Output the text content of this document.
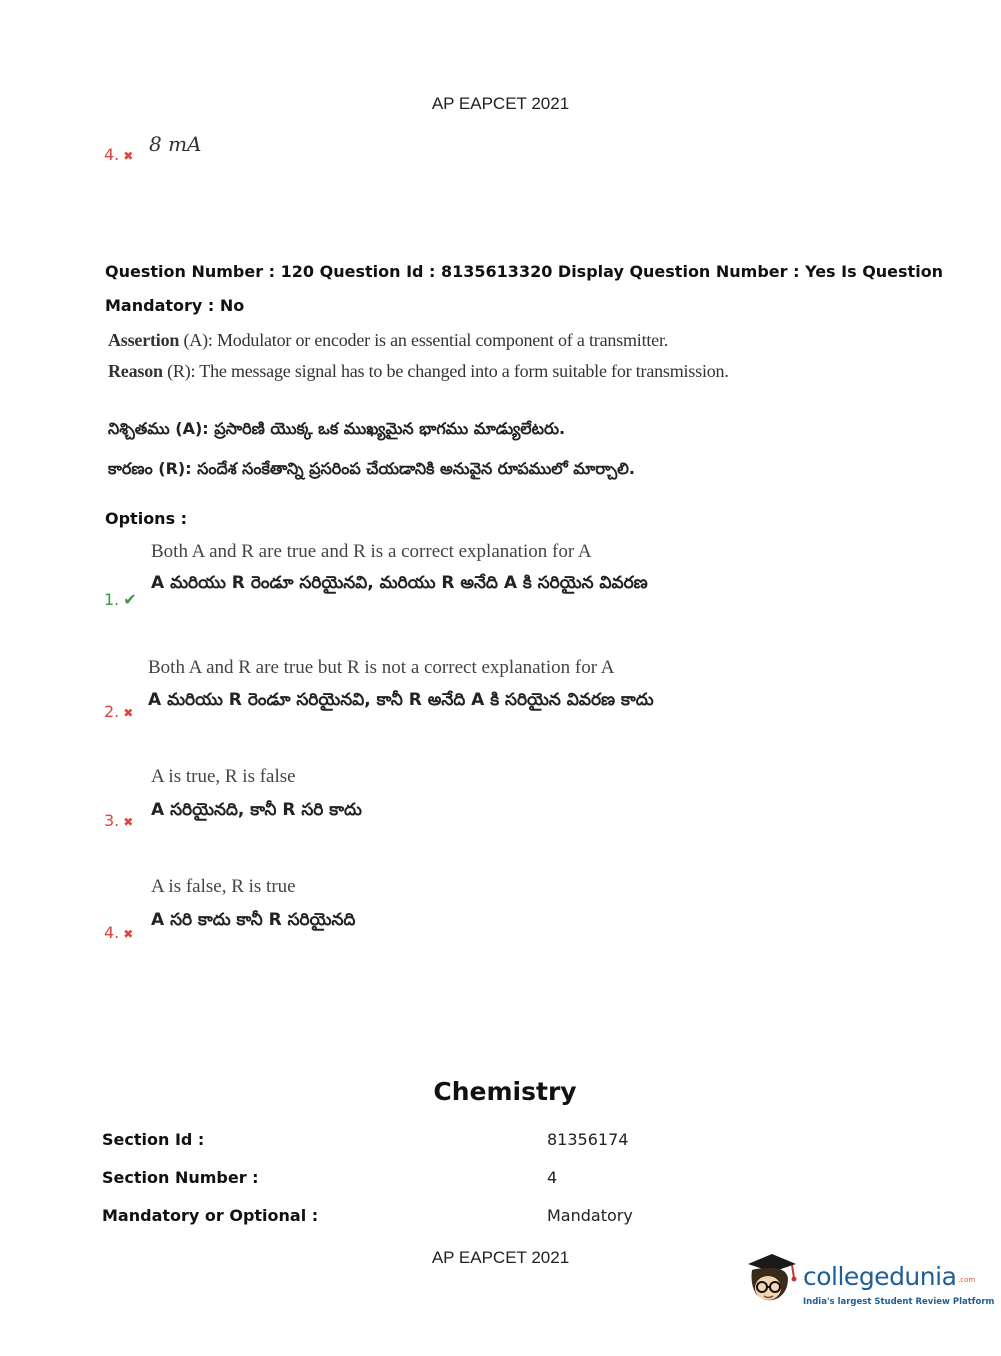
AP EAPCET 2021
4. ✖ 8 mA
Question Number : 120 Question Id : 8135613320 Display Question Number : Yes Is Question
Mandatory : No
Assertion (A): Modulator or encoder is an essential component of a transmitter.
Reason (R): The message signal has to be changed into a form suitable for transmission.
నిశ్చితము (A): ప్రసారిణి యొక్క ఒక ముఖ్యమైన భాగము మాడ్యులేటరు.
కారణం (R): సందేశ సంకేతాన్ని ప్రసరింప చేయడానికి అనువైన రూపములో మార్చాలి.
Options :
Both A and R are true and R is a correct explanation for A
A మరియు R రెండూ సరియైనవి, మరియు R అనేది A కి సరియైన వివరణ
1. ✔
Both A and R are true but R is not a correct explanation for A
A మరియు R రెండూ సరియైనవి, కానీ R అనేది A కి సరియైన వివరణ కాదు
2. ✖
A is true, R is false
A సరియైనది, కానీ R సరి కాదు
3. ✖
A is false, R is true
A సరి కాదు కానీ R సరియైనది
4. ✖
Chemistry
Section Id :	81356174
Section Number :	4
Mandatory or Optional :	Mandatory
AP EAPCET 2021
collegedunia .com
India's largest Student Review Platform
